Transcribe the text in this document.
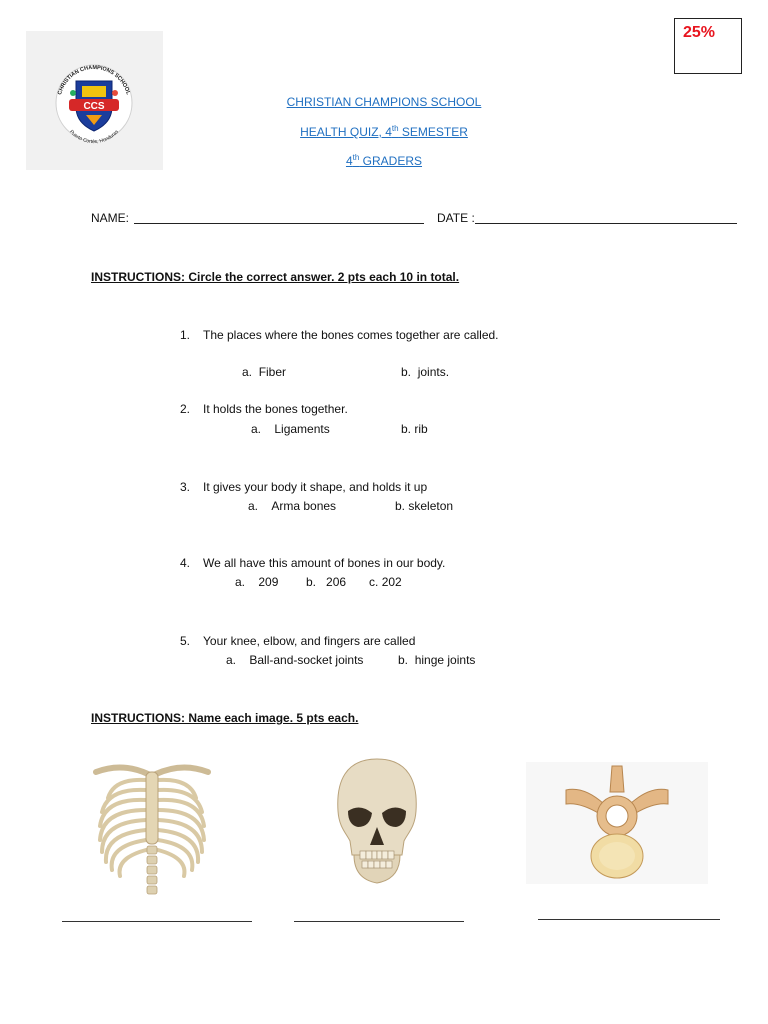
CHRISTIAN CHAMPIONS SCHOOL
Puerto Cortés, Honduras
CCS
25%
CHRISTIAN CHAMPIONS SCHOOL
HEALTH QUIZ, 4th SEMESTER
4th GRADERS
NAME:	DATE :
INSTRUCTIONS: Circle the correct answer. 2 pts each 10 in total.
1. The places where the bones comes together are called.
a. Fiber	b. joints.
2. It holds the bones together.
a. Ligaments	b. rib
3. It gives your body it shape, and holds it up
a. Arma bones	b. skeleton
4. We all have this amount of bones in our body.
a. 209 b. 206 c. 202
5. Your knee, elbow, and fingers are called
a. Ball-and-socket joints	b. hinge joints
INSTRUCTIONS: Name each image. 5 pts each.
